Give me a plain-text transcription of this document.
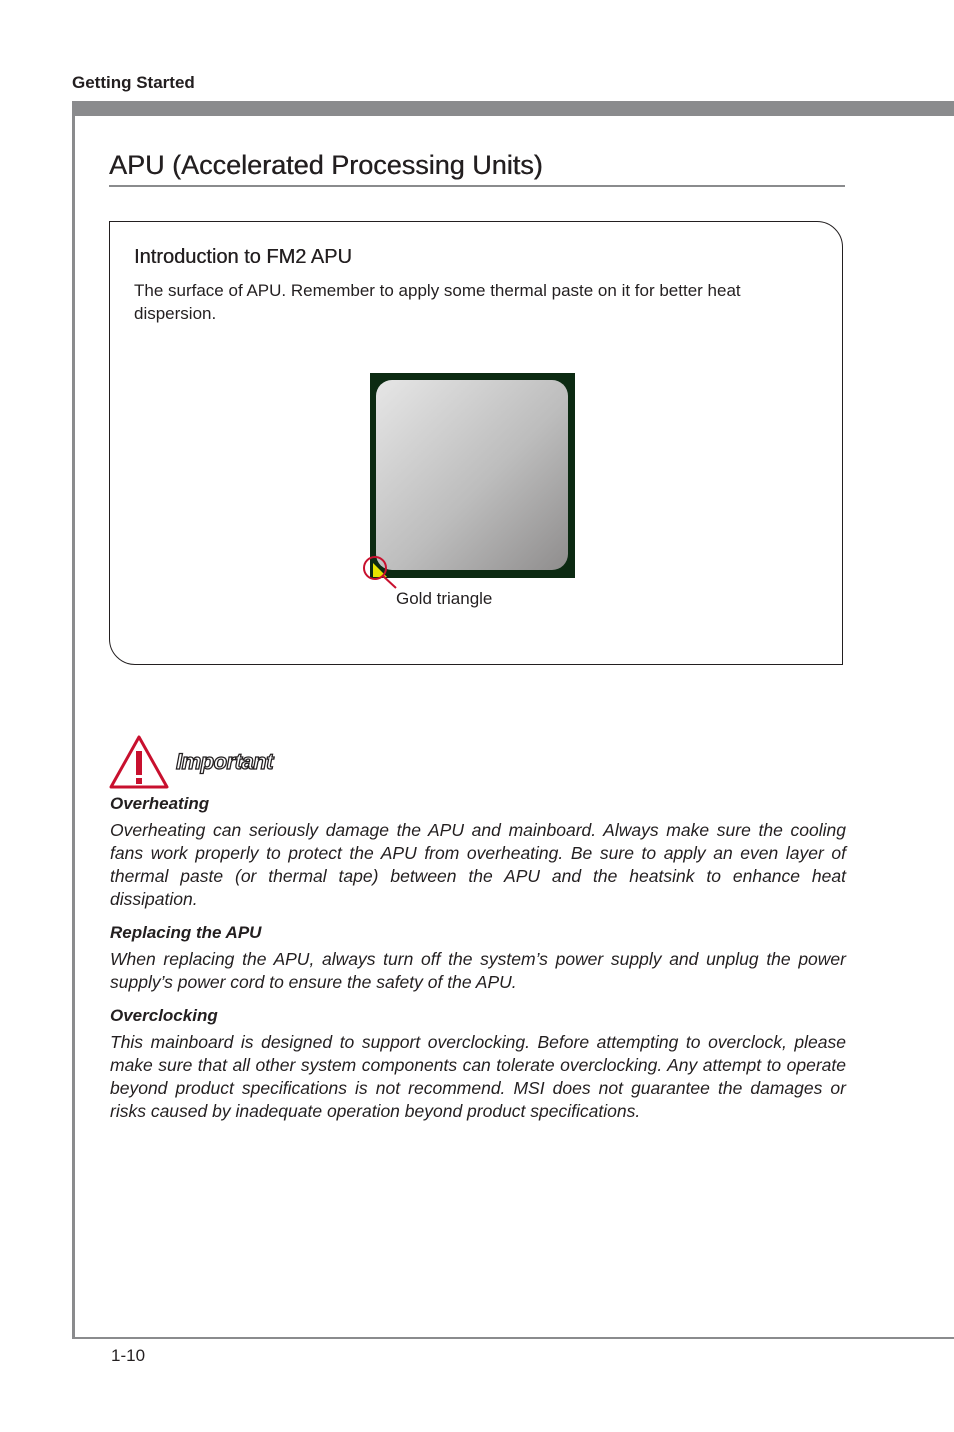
Getting Started
APU (Accelerated Processing Units)
Introduction to FM2 APU
The surface of APU. Remember to apply some thermal paste on it for better heat dispersion.
Gold triangle
Important
Overheating
Overheating can seriously damage the APU and mainboard. Always make sure the cooling fans work properly to protect the APU from overheating. Be sure to apply an even layer of thermal paste (or thermal tape) between the APU and the heatsink to enhance heat dissipation.
Replacing the APU
When replacing the APU, always turn off the system’s power supply and unplug the power supply’s power cord to ensure the safety of the APU.
Overclocking
This mainboard is designed to support overclocking. Before attempting to overclock, please make sure that all other system components can tolerate overclocking. Any attempt to operate beyond product specifications is not recommend. MSI does not guarantee the damages or risks caused by inadequate operation beyond product specifications.
1-10
